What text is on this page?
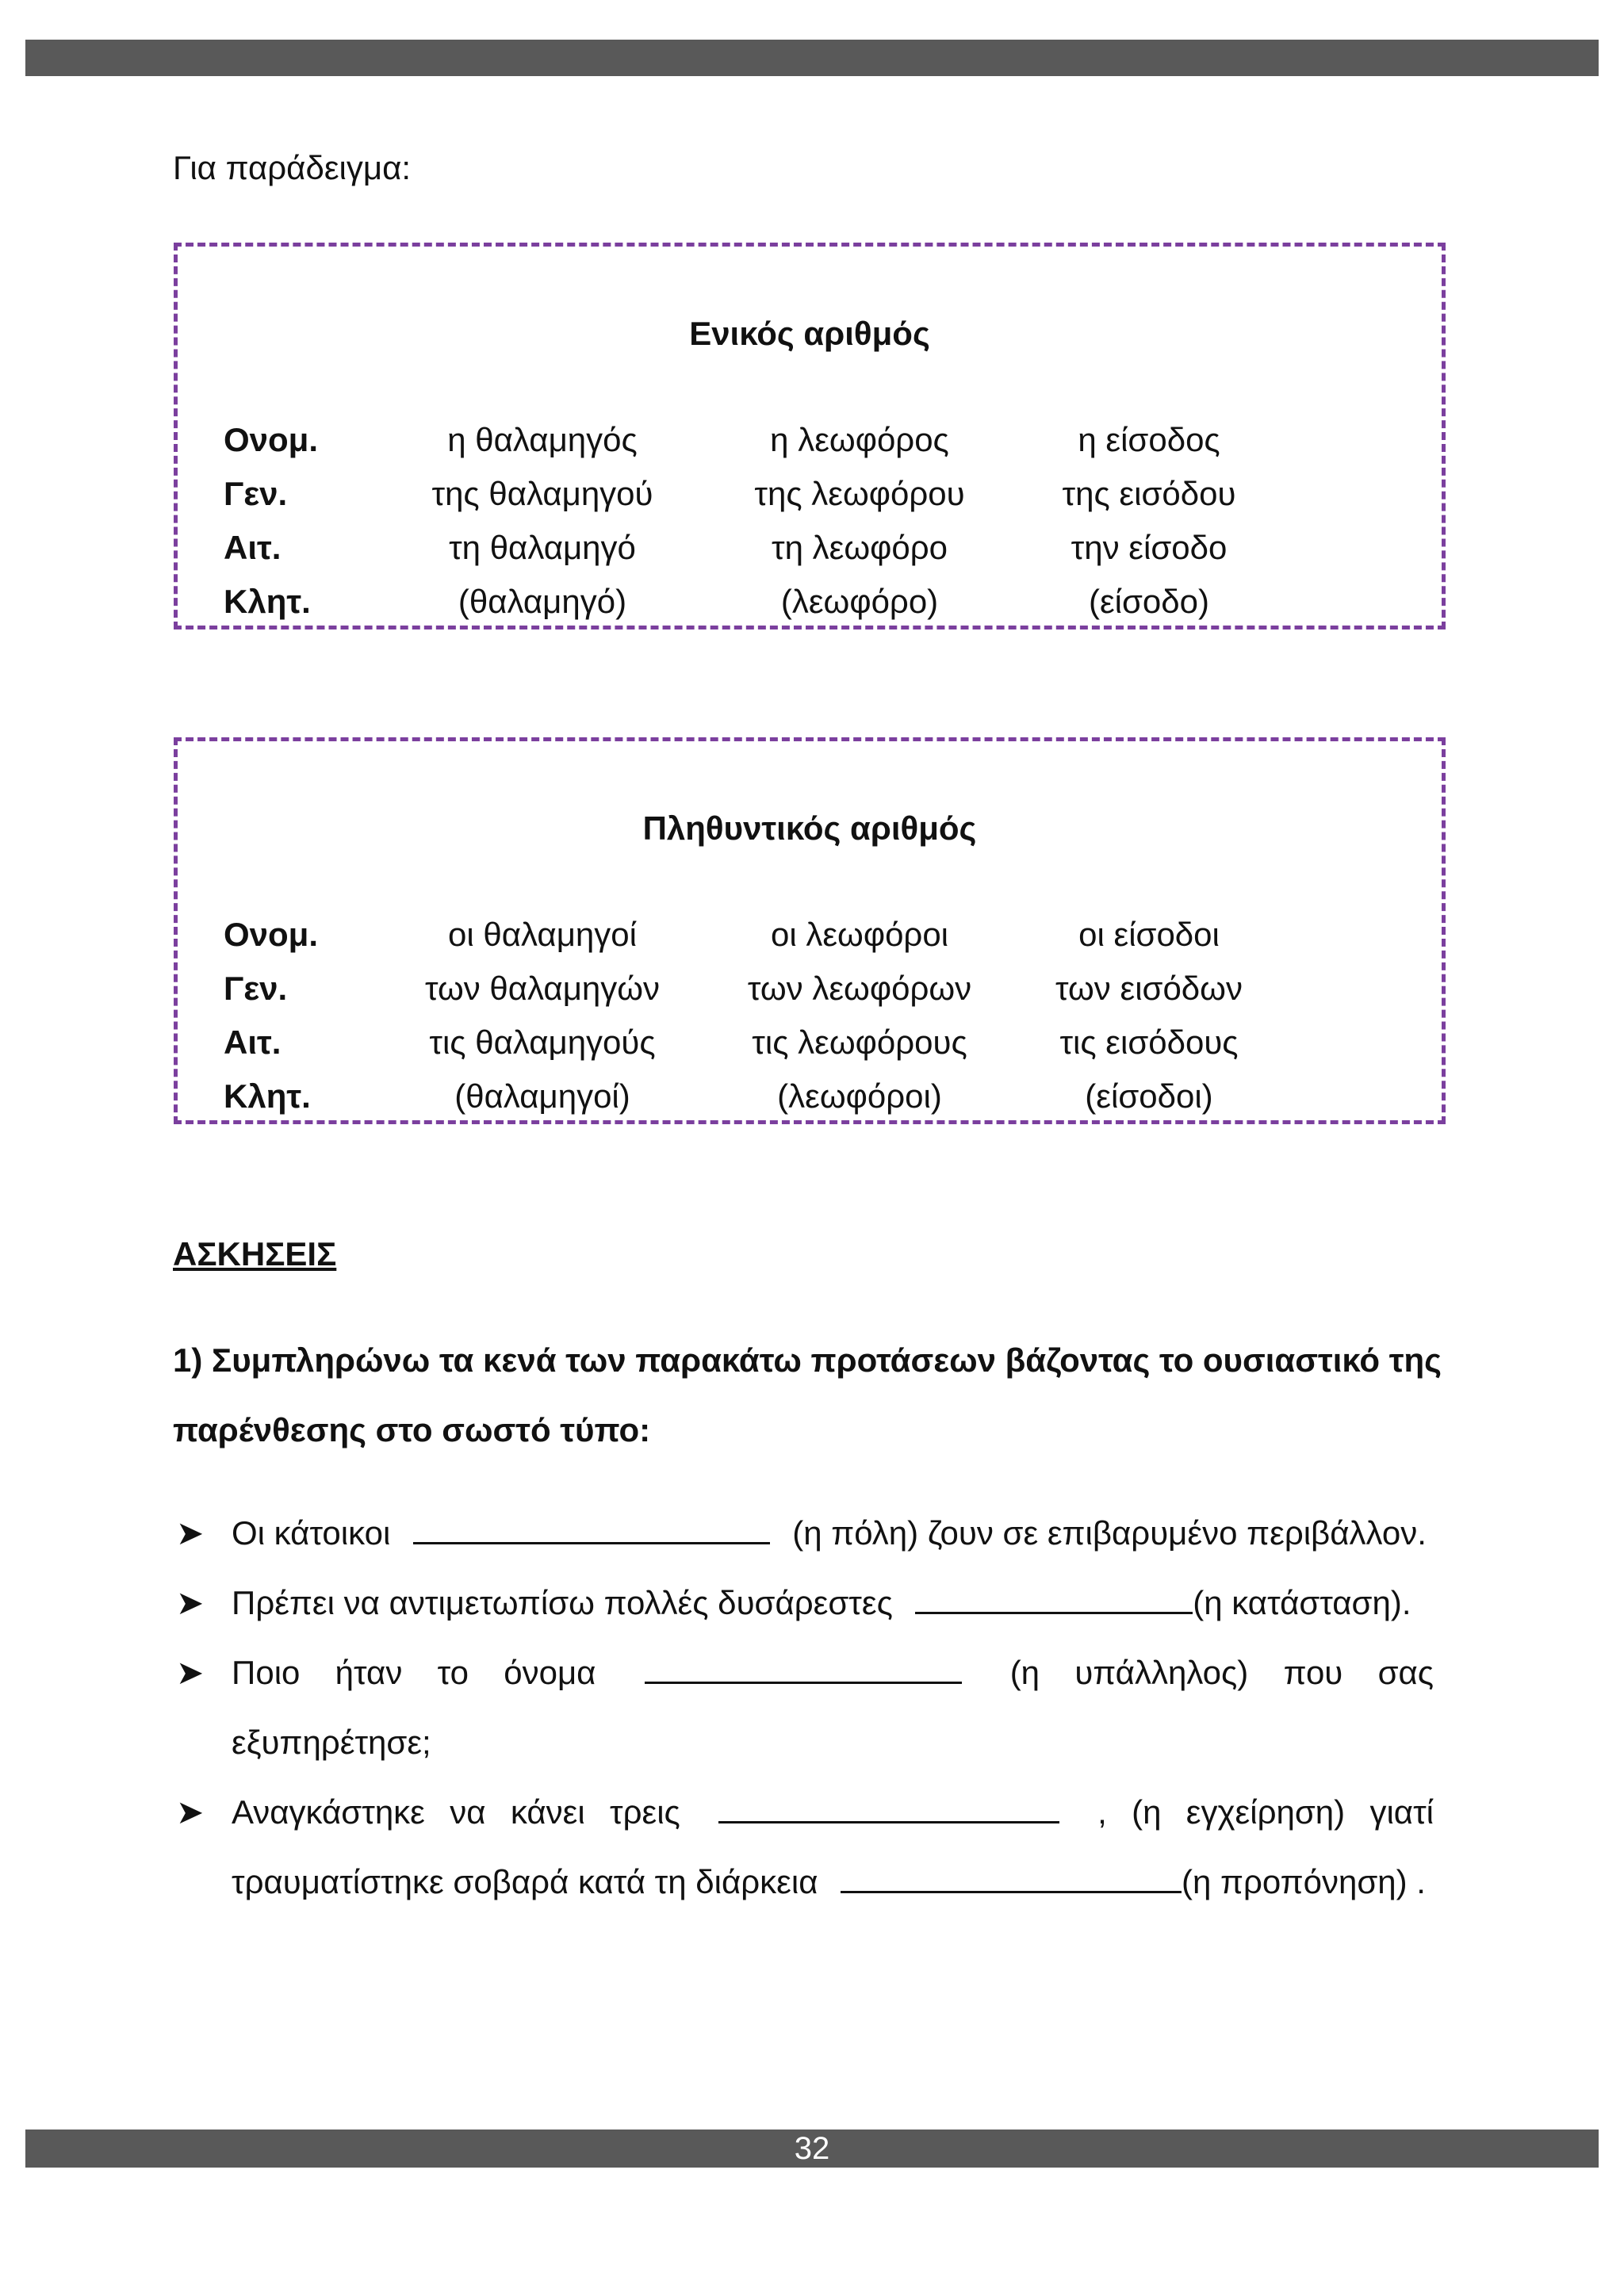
Για παράδειγμα:
Ενικός αριθμός
Ονομ.	η θαλαμηγός	η λεωφόρος	η είσοδος
Γεν.	της θαλαμηγού	της λεωφόρου	της εισόδου
Αιτ.	τη θαλαμηγό	τη λεωφόρο	την είσοδο
Κλητ.	(θαλαμηγό)	(λεωφόρο)	(είσοδο)
Πληθυντικός αριθμός
Ονομ.	οι θαλαμηγοί	οι λεωφόροι	οι είσοδοι
Γεν.	των θαλαμηγών	των λεωφόρων	των εισόδων
Αιτ.	τις θαλαμηγούς	τις λεωφόρους	τις εισόδους
Κλητ.	(θαλαμηγοί)	(λεωφόροι)	(είσοδοι)
ΑΣΚΗΣΕΙΣ
1) Συμπληρώνω τα κενά των παρακάτω προτάσεων βάζοντας το ουσιαστικό της παρένθεσης στο σωστό τύπο:
➤ Οι κάτοικοι	(η πόλη) ζουν σε επιβαρυμένο περιβάλλον.
➤ Πρέπει να αντιμετωπίσω πολλές δυσάρεστες	(η κατάσταση).
➤ Ποιο ήταν το όνομα	(η υπάλληλος) που σας εξυπηρέτησε;
➤ Αναγκάστηκε να κάνει τρεις	, (η εγχείρηση) γιατί τραυματίστηκε σοβαρά κατά τη διάρκεια	(η προπόνηση) .
32
